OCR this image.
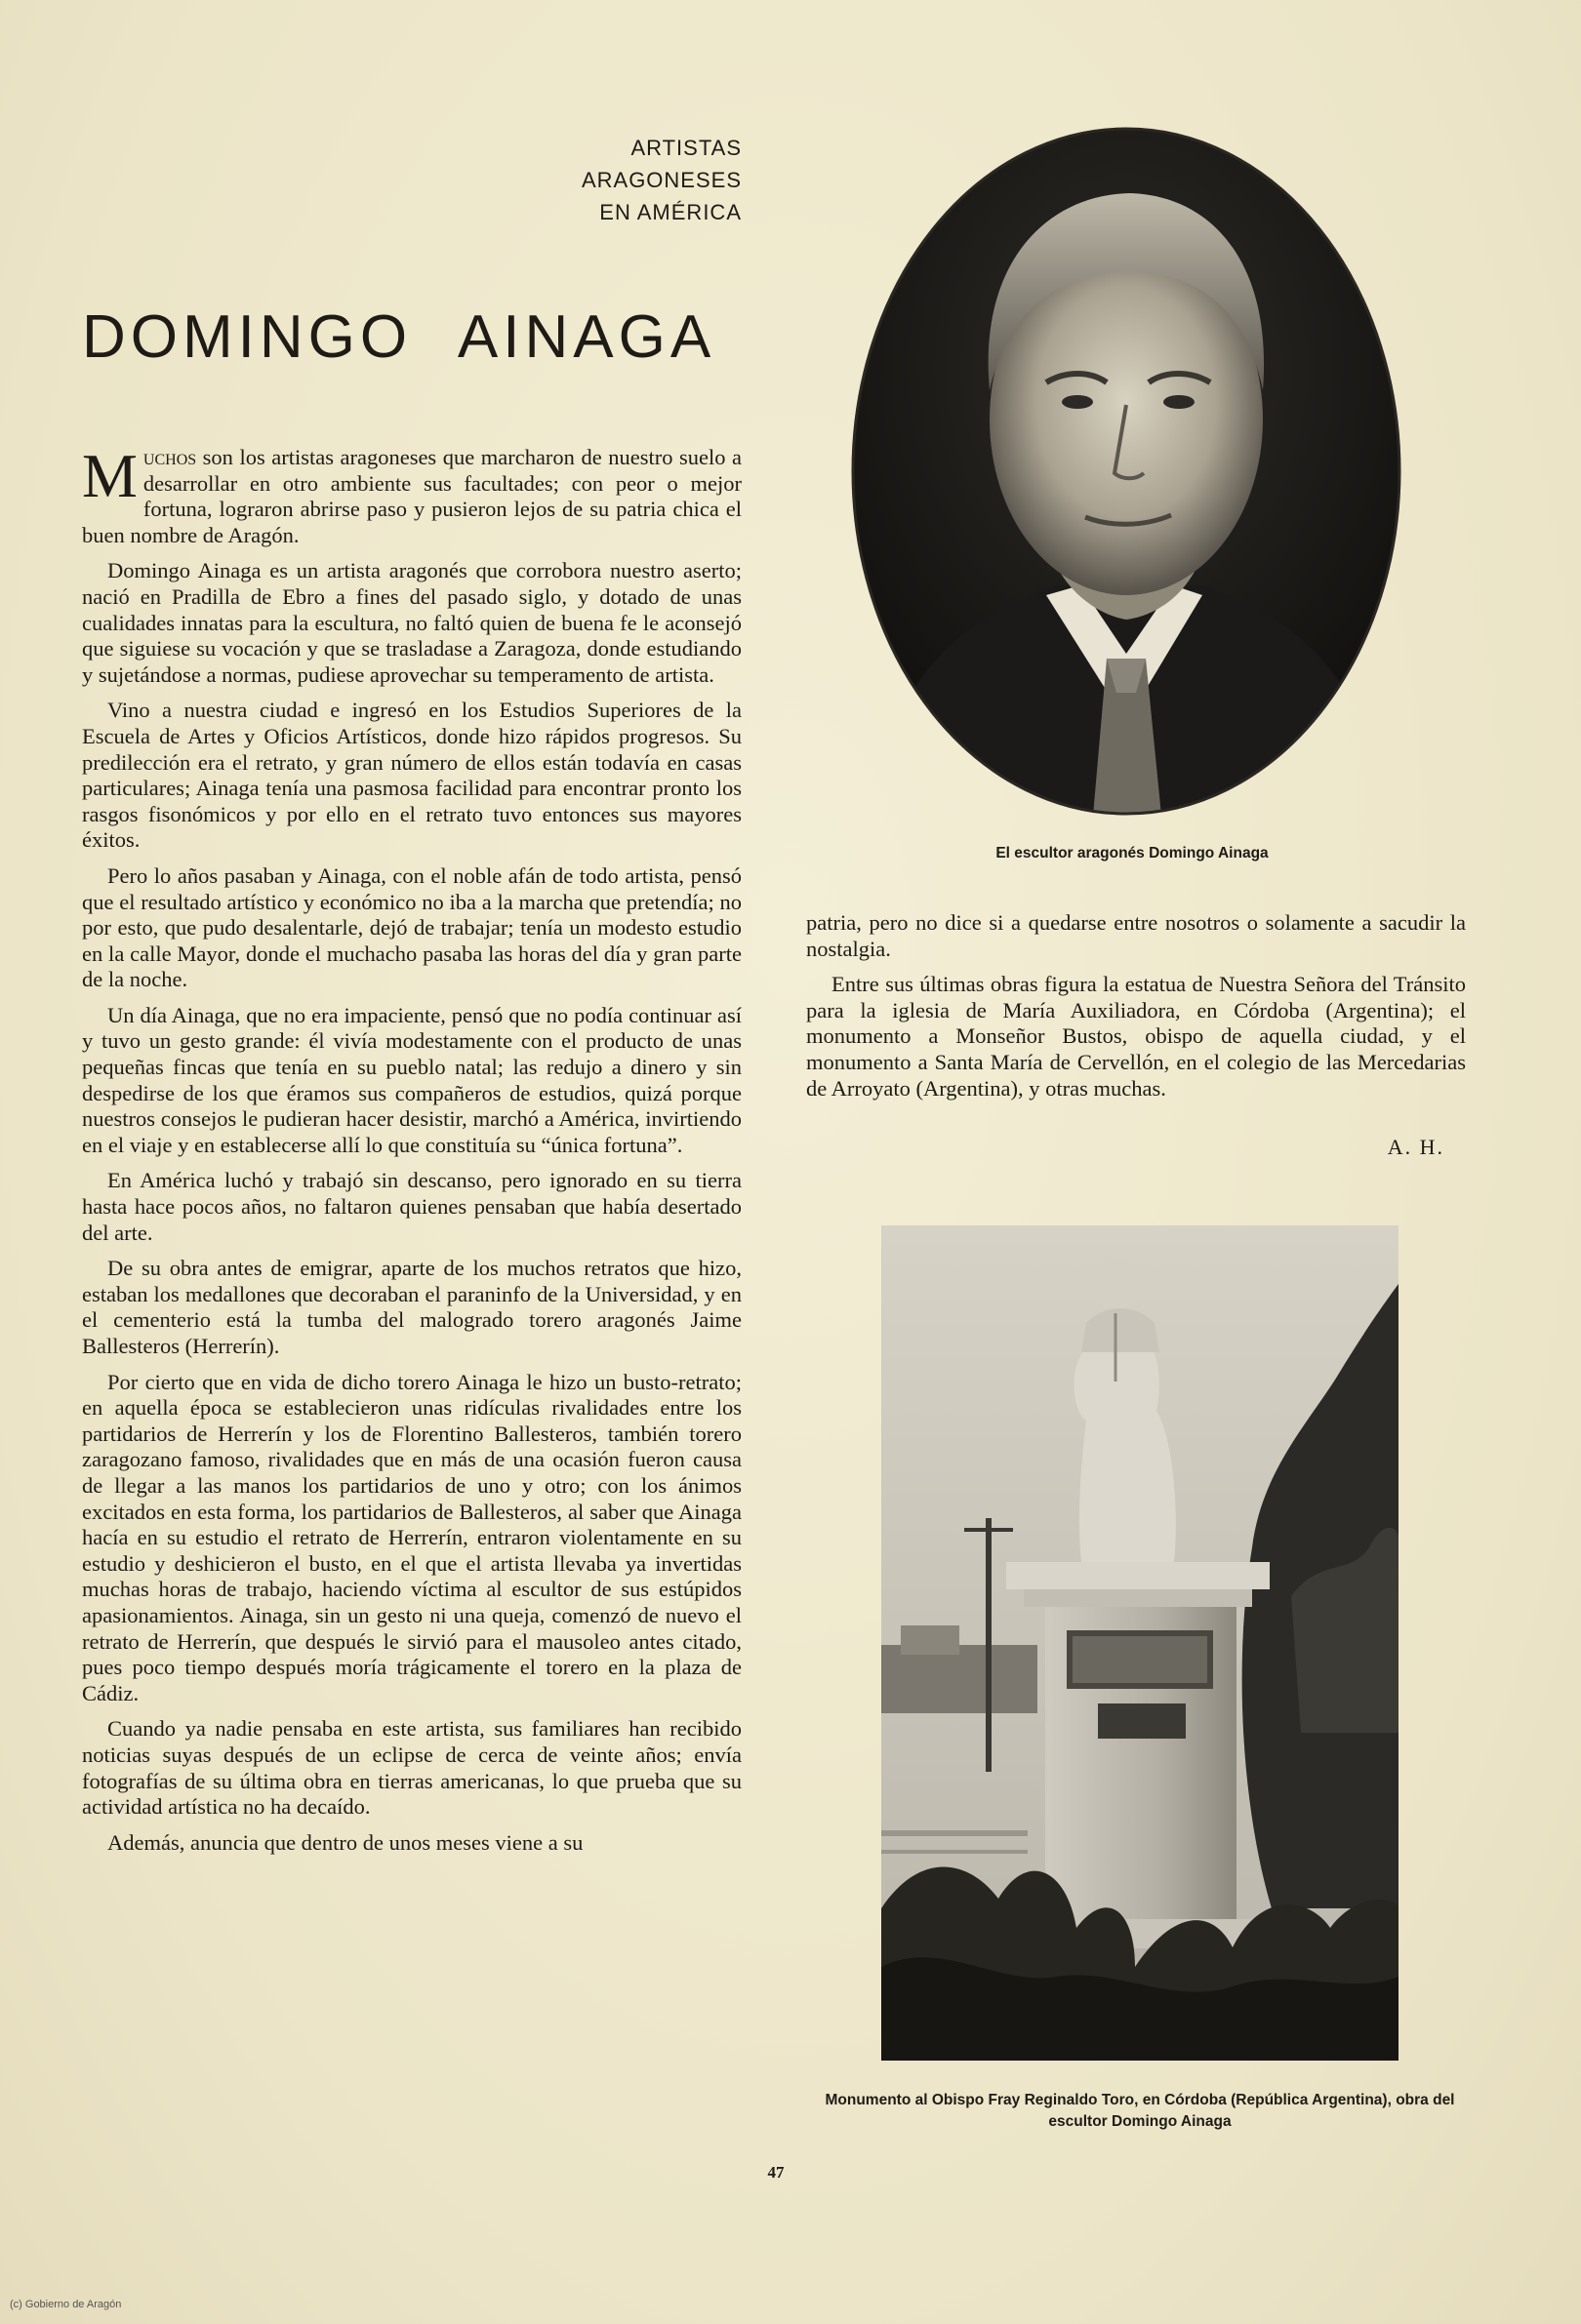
ARTISTAS
ARAGONESES
EN AMÉRICA
DOMINGO AINAGA

Muchos son los artistas aragoneses que marcharon de nuestro suelo a desarrollar en otro ambiente sus facultades; con peor o mejor fortuna, lograron abrirse paso y pusieron lejos de su patria chica el buen nombre de Aragón.

Domingo Ainaga es un artista aragonés que corrobora nuestro aserto; nació en Pradilla de Ebro a fines del pasado siglo, y dotado de unas cualidades innatas para la escultura, no faltó quien de buena fe le aconsejó que siguiese su vocación y que se trasladase a Zaragoza, donde estudiando y sujetándose a normas, pudiese aprovechar su temperamento de artista.

Vino a nuestra ciudad e ingresó en los Estudios Superiores de la Escuela de Artes y Oficios Artísticos, donde hizo rápidos progresos. Su predilección era el retrato, y gran número de ellos están todavía en casas particulares; Ainaga tenía una pasmosa facilidad para encontrar pronto los rasgos fisonómicos y por ello en el retrato tuvo entonces sus mayores éxitos.

Pero lo años pasaban y Ainaga, con el noble afán de todo artista, pensó que el resultado artístico y económico no iba a la marcha que pretendía; no por esto, que pudo desalentarle, dejó de trabajar; tenía un modesto estudio en la calle Mayor, donde el muchacho pasaba las horas del día y gran parte de la noche.

Un día Ainaga, que no era impaciente, pensó que no podía continuar así y tuvo un gesto grande: él vivía modestamente con el producto de unas pequeñas fincas que tenía en su pueblo natal; las redujo a dinero y sin despedirse de los que éramos sus compañeros de estudios, quizá porque nuestros consejos le pudieran hacer desistir, marchó a América, invirtiendo en el viaje y en establecerse allí lo que constituía su “única fortuna”.

En América luchó y trabajó sin descanso, pero ignorado en su tierra hasta hace pocos años, no faltaron quienes pensaban que había desertado del arte.

De su obra antes de emigrar, aparte de los muchos retratos que hizo, estaban los medallones que decoraban el paraninfo de la Universidad, y en el cementerio está la tumba del malogrado torero aragonés Jaime Ballesteros (Herrerín).

Por cierto que en vida de dicho torero Ainaga le hizo un busto-retrato; en aquella época se establecieron unas ridículas rivalidades entre los partidarios de Herrerín y los de Florentino Ballesteros, también torero zaragozano famoso, rivalidades que en más de una ocasión fueron causa de llegar a las manos los partidarios de uno y otro; con los ánimos excitados en esta forma, los partidarios de Ballesteros, al saber que Ainaga hacía en su estudio el retrato de Herrerín, entraron violentamente en su estudio y deshicieron el busto, en el que el artista llevaba ya invertidas muchas horas de trabajo, haciendo víctima al escultor de sus estúpidos apasionamientos. Ainaga, sin un gesto ni una queja, comenzó de nuevo el retrato de Herrerín, que después le sirvió para el mausoleo antes citado, pues poco tiempo después moría trágicamente el torero en la plaza de Cádiz.

Cuando ya nadie pensaba en este artista, sus familiares han recibido noticias suyas después de un eclipse de cerca de veinte años; envía fotografías de su última obra en tierras americanas, lo que prueba que su actividad artística no ha decaído.

Además, anuncia que dentro de unos meses viene a su

El escultor aragonés Domingo Ainaga

patria, pero no dice si a quedarse entre nosotros o solamente a sacudir la nostalgia.

Entre sus últimas obras figura la estatua de Nuestra Señora del Tránsito para la iglesia de María Auxiliadora, en Córdoba (Argentina); el monumento a Monseñor Bustos, obispo de aquella ciudad, y el monumento a Santa María de Cervellón, en el colegio de las Mercedarias de Arroyato (Argentina), y otras muchas.

A. H.
Monumento al Obispo Fray Reginaldo Toro, en Córdoba (República Argentina), obra del escultor Domingo Ainaga
47
(c) Gobierno de Aragón
